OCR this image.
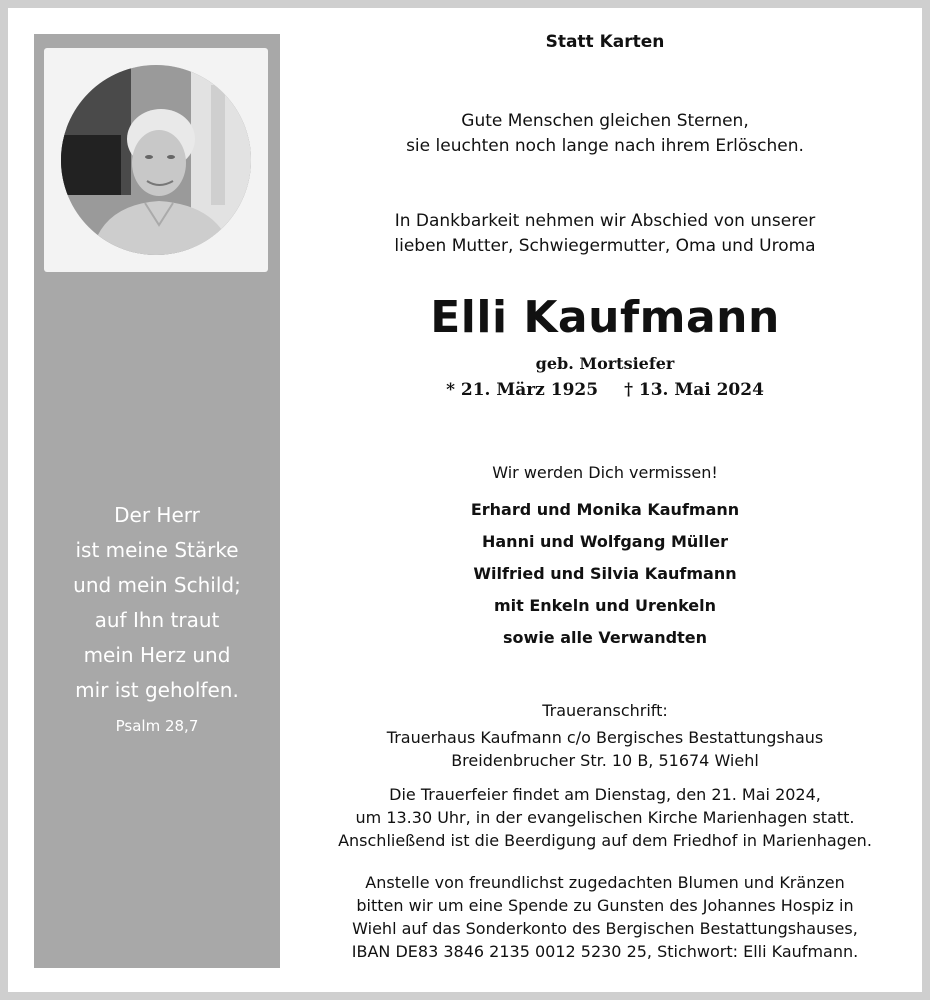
Der Herr
ist meine Stärke
und mein Schild;
auf Ihn traut
mein Herz und
mir ist geholfen.
Psalm 28,7
Statt Karten
Gute Menschen gleichen Sternen,
sie leuchten noch lange nach ihrem Erlöschen.
In Dankbarkeit nehmen wir Abschied von unserer
lieben Mutter, Schwiegermutter, Oma und Uroma
Elli Kaufmann
geb. Mortsiefer
* 21. März 1925 † 13. Mai 2024
Wir werden Dich vermissen!
Erhard und Monika Kaufmann
Hanni und Wolfgang Müller
Wilfried und Silvia Kaufmann
mit Enkeln und Urenkeln
sowie alle Verwandten
Traueranschrift:
Trauerhaus Kaufmann c/o Bergisches Bestattungshaus
Breidenbrucher Str. 10 B, 51674 Wiehl
Die Trauerfeier findet am Dienstag, den 21. Mai 2024,
um 13.30 Uhr, in der evangelischen Kirche Marienhagen statt.
Anschließend ist die Beerdigung auf dem Friedhof in Marienhagen.
Anstelle von freundlichst zugedachten Blumen und Kränzen
bitten wir um eine Spende zu Gunsten des Johannes Hospiz in
Wiehl auf das Sonderkonto des Bergischen Bestattungshauses,
IBAN DE83 3846 2135 0012 5230 25, Stichwort: Elli Kaufmann.
